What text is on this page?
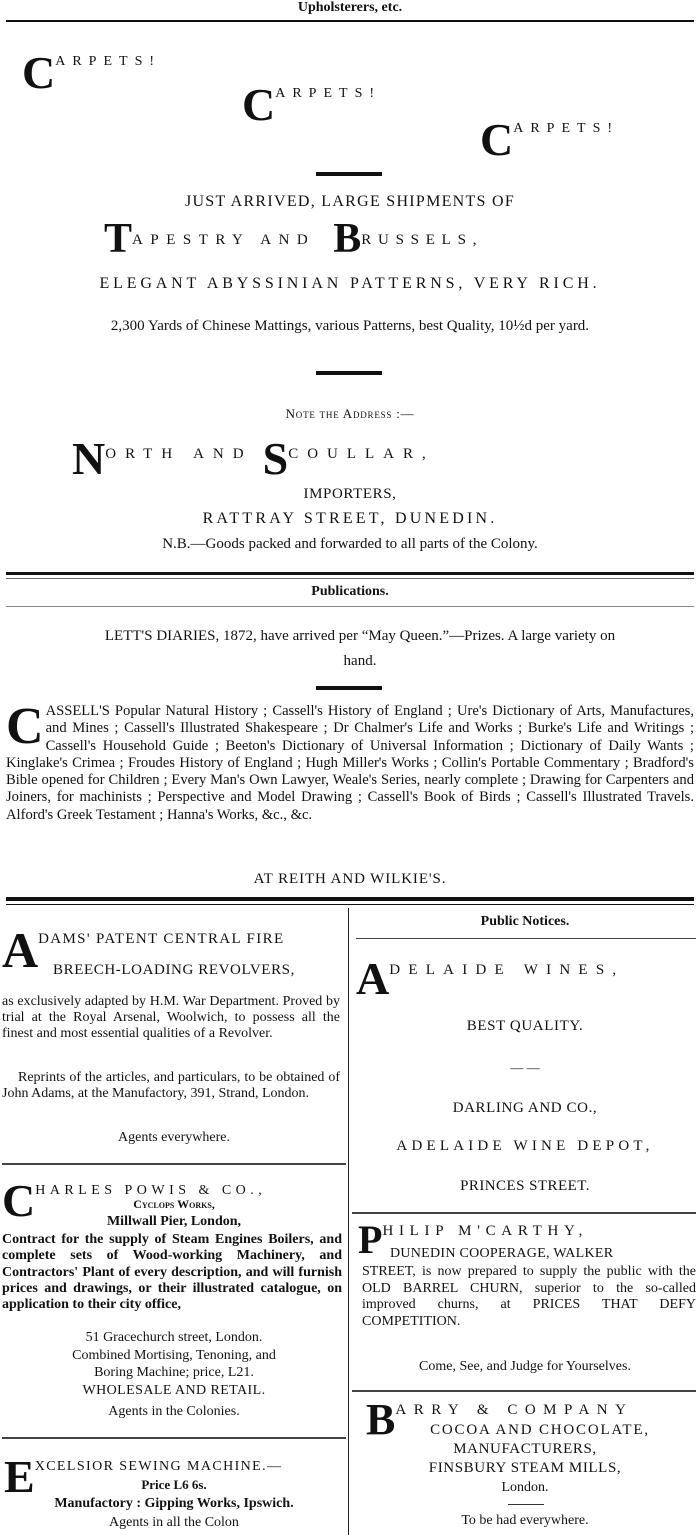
Upholsterers, etc.
CARPETS!
CARPETS!
CARPETS!
JUST ARRIVED, LARGE SHIPMENTS OF
TAPESTRY AND BRUSSELS,
ELEGANT ABYSSINIAN PATTERNS, VERY RICH.
2,300 Yards of Chinese Mattings, various Patterns, best Quality, 10½d per yard.
Note the Address :—
NORTH AND SCOULLAR,
IMPORTERS,
RATTRAY STREET, DUNEDIN.
N.B.—Goods packed and forwarded to all parts of the Colony.
Publications.
LETT'S DIARIES, 1872, have arrived per “May Queen.”—Prizes. A large variety on hand.
CASSELL'S Popular Natural History ; Cassell's History of England ; Ure's Dictionary of Arts, Manufactures, and Mines ; Cassell's Illustrated Shakespeare ; Dr Chalmer's Life and Works ; Burke's Life and Writings ; Cassell's Household Guide ; Beeton's Dictionary of Universal Information ; Dictionary of Daily Wants ; Kinglake's Crimea ; Froudes History of England ; Hugh Miller's Works ; Collin's Portable Commentary ; Bradford's Bible opened for Children ; Every Man's Own Lawyer, Weale's Series, nearly complete ; Drawing for Carpenters and Joiners, for machinists ; Perspective and Model Drawing ; Cassell's Book of Birds ; Cassell's Illustrated Travels. Alford's Greek Testament ; Hanna's Works, &c., &c.
AT REITH AND WILKIE'S.
ADAMS' PATENT CENTRAL FIRE
BREECH-LOADING REVOLVERS,
as exclusively adapted by H.M. War Department. Proved by trial at the Royal Arsenal, Woolwich, to possess all the finest and most essential qualities of a Revolver.
Reprints of the articles, and particulars, to be obtained of John Adams, at the Manufactory, 391, Strand, London.
Agents everywhere.
CHARLES POWIS & CO.,
Cyclops Works,
Millwall Pier, London,
Contract for the supply of Steam Engines Boilers, and complete sets of Wood-working Machinery, and Contractors' Plant of every description, and will furnish prices and drawings, or their illustrated catalogue, on application to their city office,
51 Gracechurch street, London.
Combined Mortising, Tenoning, and
Boring Machine; price, L21.
WHOLESALE AND RETAIL.
Agents in the Colonies.
EXCELSIOR SEWING MACHINE.—
Price L6 6s.
Manufactory : Gipping Works, Ipswich.
Agents in all the Colon
Public Notices.
ADELAIDE WINES,
BEST QUALITY.
— —
DARLING AND CO.,
ADELAIDE WINE DEPOT,
PRINCES STREET.
PHILIP M'CARTHY,
DUNEDIN COOPERAGE, WALKER
STREET, is now prepared to supply the public with the OLD BARREL CHURN, superior to the so-called improved churns, at PRICES THAT DEFY COMPETITION.
Come, See, and Judge for Yourselves.
BARRY & COMPANY
COCOA AND CHOCOLATE,
MANUFACTURERS,
FINSBURY STEAM MILLS,
London.
To be had everywhere.
